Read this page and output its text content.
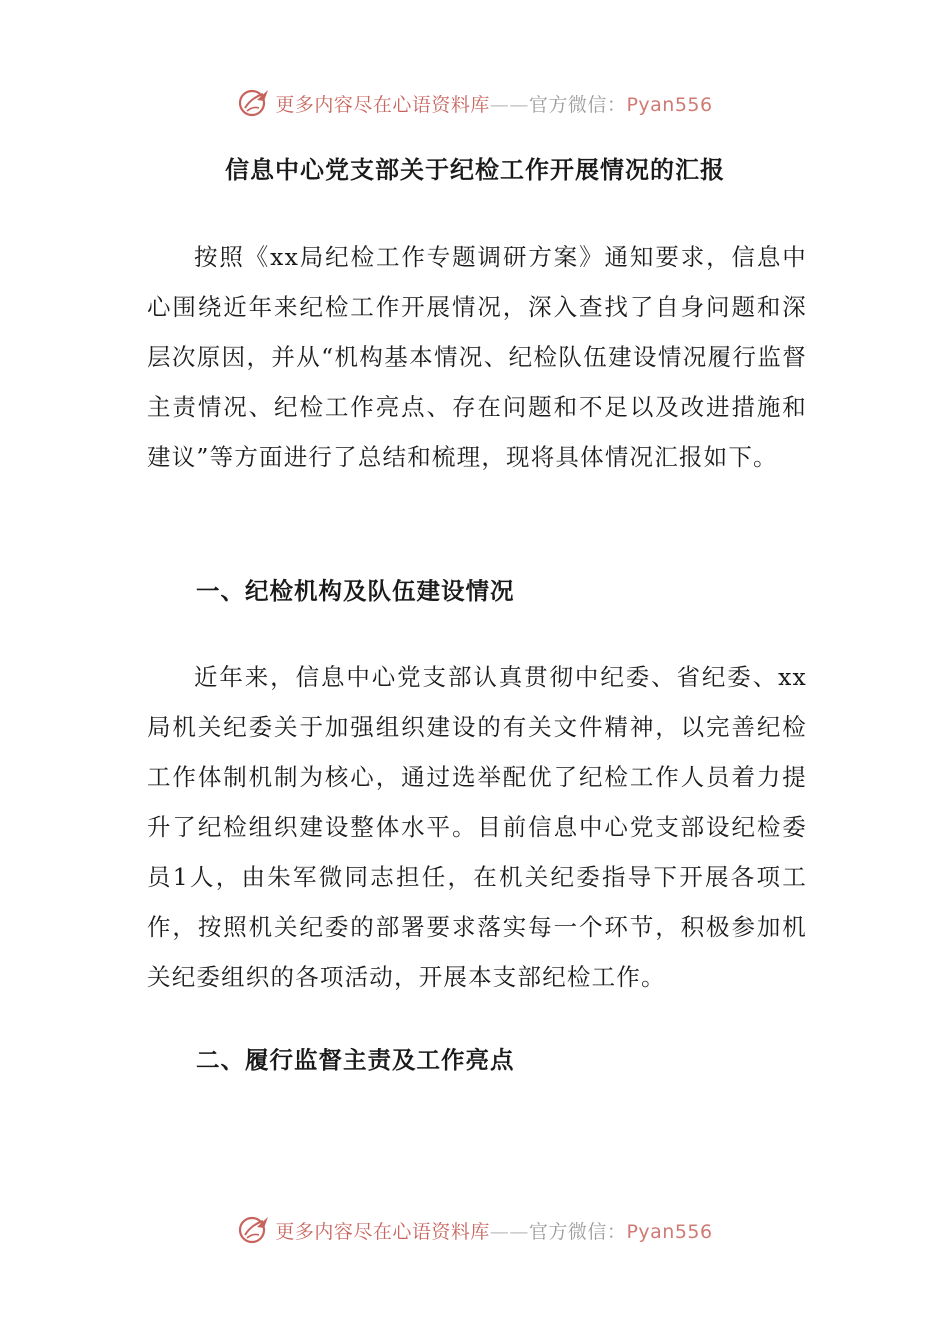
更多内容尽在心语资料库——官方微信：Pyan556
信息中心党支部关于纪检工作开展情况的汇报

按照《xx局纪检工作专题调研方案》通知要求，信息中心围绕近年来纪检工作开展情况，深入查找了自身问题和深层次原因，并从“机构基本情况、纪检队伍建设情况履行监督主责情况、纪检工作亮点、存在问题和不足以及改进措施和建议”等方面进行了总结和梳理，现将具体情况汇报如下。

一、纪检机构及队伍建设情况

近年来，信息中心党支部认真贯彻中纪委、省纪委、xx局机关纪委关于加强组织建设的有关文件精神，以完善纪检工作体制机制为核心，通过选举配优了纪检工作人员着力提升了纪检组织建设整体水平。目前信息中心党支部设纪检委员1人，由朱军微同志担任，在机关纪委指导下开展各项工作，按照机关纪委的部署要求落实每一个环节，积极参加机关纪委组织的各项活动，开展本支部纪检工作。

二、履行监督主责及工作亮点
更多内容尽在心语资料库——官方微信：Pyan556
